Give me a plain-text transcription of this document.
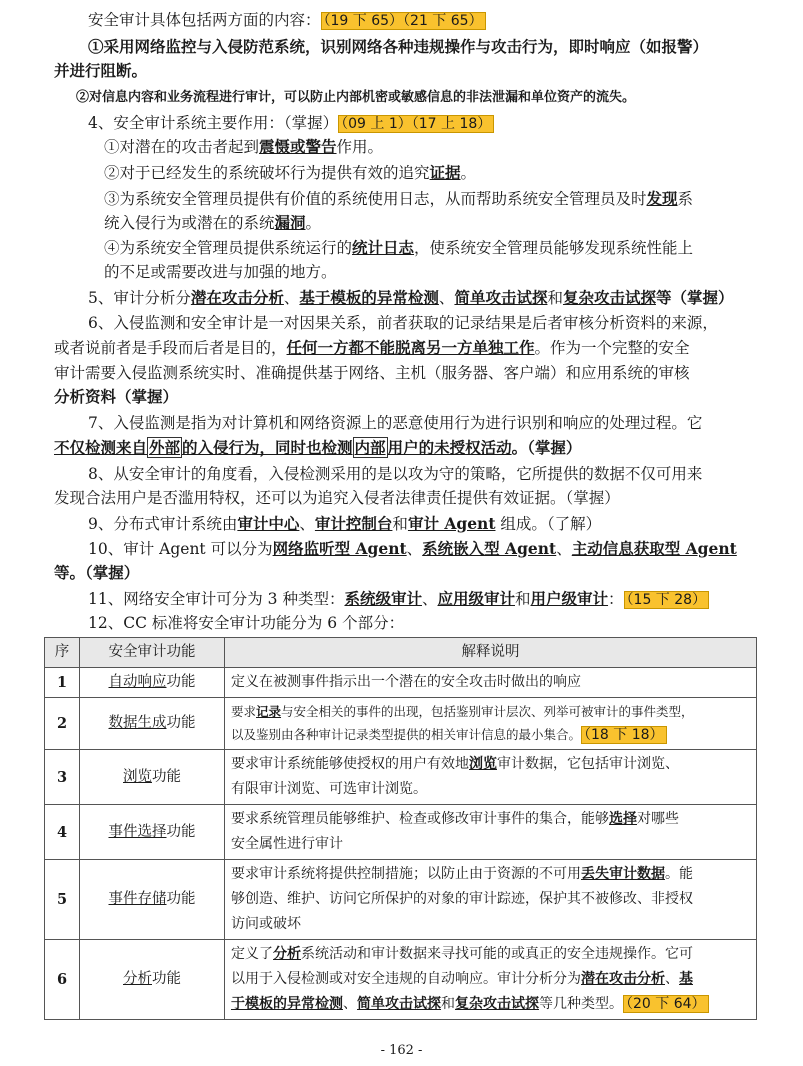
安全审计具体包括两方面的内容： （19 下 65）（21 下 65）
①采用网络监控与入侵防范系统，识别网络各种违规操作与攻击行为，即时响应（如报警）
并进行阻断。
②对信息内容和业务流程进行审计，可以防止内部机密或敏感信息的非法泄漏和单位资产的流失。
4、安全审计系统主要作用：（掌握） （09 上 1）（17 上 18）
①对潜在的攻击者起到震慑或警告作用。
②对于已经发生的系统破坏行为提供有效的追究证据。
③为系统安全管理员提供有价值的系统使用日志，从而帮助系统安全管理员及时发现系
统入侵行为或潜在的系统漏洞。
④为系统安全管理员提供系统运行的统计日志，使系统安全管理员能够发现系统性能上
的不足或需要改进与加强的地方。
5、审计分析分潜在攻击分析、基于模板的异常检测、简单攻击试探和复杂攻击试探等（掌握）
6、入侵监测和安全审计是一对因果关系，前者获取的记录结果是后者审核分析资料的来源，
或者说前者是手段而后者是目的，任何一方都不能脱离另一方单独工作。作为一个完整的安全
审计需要入侵监测系统实时、准确提供基于网络、主机（服务器、客户端）和应用系统的审核
分析资料（掌握）
7、入侵监测是指为对计算机和网络资源上的恶意使用行为进行识别和响应的处理过程。它
不仅检测来自 外部 的入侵行为，同时也检测 内部 用户的未授权活动。（掌握）
8、从安全审计的角度看，入侵检测采用的是以攻为守的策略，它所提供的数据不仅可用来
发现合法用户是否滥用特权，还可以为追究入侵者法律责任提供有效证据。（掌握）
9、分布式审计系统由审计中心、审计控制台和审计 Agent 组成。（了解）
10、审计 Agent 可以分为网络监听型 Agent、系统嵌入型 Agent、主动信息获取型 Agent
等。（掌握）
11、网络安全审计可分为 3 种类型：系统级审计、应用级审计和用户级审计： （15 下 28）
12、CC 标准将安全审计功能分为 6 个部分：
序	安全审计功能	解释说明
1	自动响应功能	定义在被测事件指示出一个潜在的安全攻击时做出的响应
2	数据生成功能	要求记录与安全相关的事件的出现，包括鉴别审计层次、列举可被审计的事件类型，
以及鉴别由各种审计记录类型提供的相关审计信息的最小集合。 （18 下 18）
3	浏览功能	要求审计系统能够使授权的用户有效地浏览审计数据，它包括审计浏览、
有限审计浏览、可选审计浏览。
4	事件选择功能	要求系统管理员能够维护、检查或修改审计事件的集合，能够选择对哪些
安全属性进行审计
5	事件存储功能	要求审计系统将提供控制措施；以防止由于资源的不可用丢失审计数据。能
够创造、维护、访问它所保护的对象的审计踪迹，保护其不被修改、非授权
访问或破坏
6	分析功能	定义了分析系统活动和审计数据来寻找可能的或真正的安全违规操作。它可
以用于入侵检测或对安全违规的自动响应。审计分析分为潜在攻击分析、基
于模板的异常检测、简单攻击试探和复杂攻击试探等几种类型。 （20 下 64）
- 162 -
